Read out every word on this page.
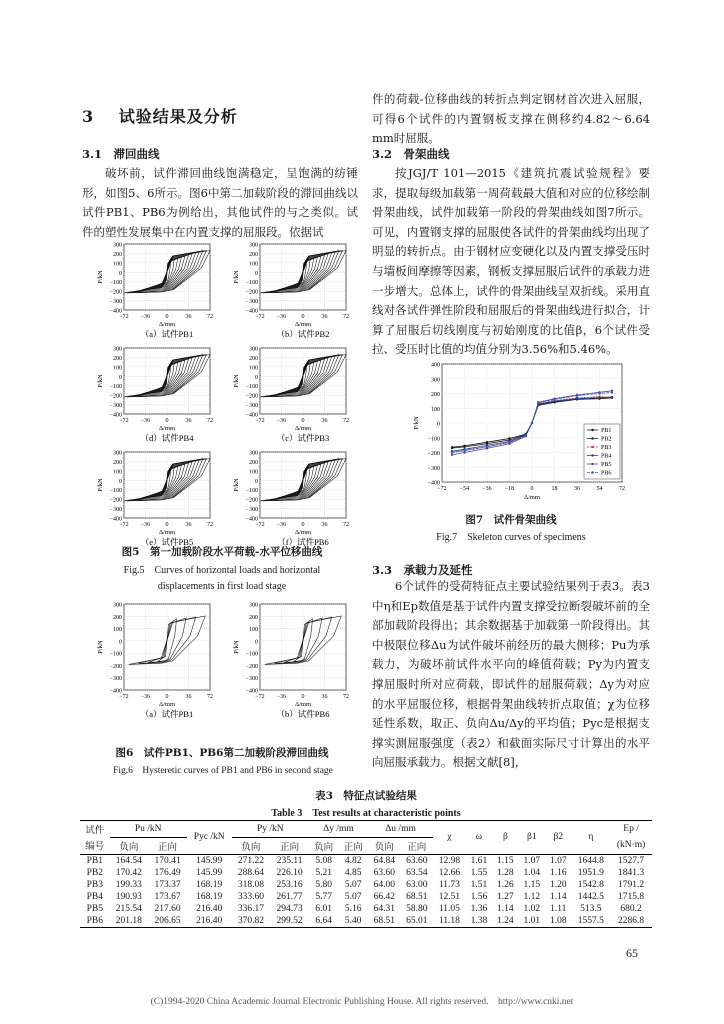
3 试验结果及分析
3.1　滞回曲线
破坏前，试件滞回曲线饱满稳定，呈饱满的纺锤形，如图5、6所示。图6中第二加载阶段的滞回曲线以试件PB1、PB6为例给出，其他试件的与之类似。试件的塑性发展集中在内置支撑的屈服段。依据试
300
200
100
0
−100
−200
−300
−400
−72 −36	0	36	72
P/kN
Δ/mm
（a）试件PB1
300
200
100
0
−100
−200
−300
−400
−72 −36	0	36	72
P/kN
Δ/mm
（b）试件PB2
300
200
100
0
−100
−200
−300
−400
−72 −36	0	36	72
P/kN
Δ/mm
（d）试件PB4
300
200
100
0
−100
−200
−300
−400
−72 −36	0	36	72
P/kN
Δ/mm
（c）试件PB3
300
200
100
0
−100
−200
−300
−400
−72 −36	0	36	72
P/kN
Δ/mm
（e）试件PB5
300
200
100
0
−100
−200
−300
−400
−72 −36	0	36	72
P/kN
Δ/mm
（f）试件PB6
图5　第一加载阶段水平荷载-水平位移曲线
Fig.5　Curves of horizontal loads and horizontal
displacements in first load stage
300
200
100
0
−100
−200
−300
−400
−72 −36	0	36	72
P/kN
Δ/mm
（a）试件PB1
300
200
100
0
−100
−200
−300
−400
−72 −36	0	36	72
P/kN
Δ/mm
（b）试件PB6
图6　试件PB1、PB6第二加载阶段滞回曲线
Fig.6　Hysteretic curves of PB1 and PB6 in second stage
件的荷载-位移曲线的转折点判定钢材首次进入屈服，可得6个试件的内置钢板支撑在侧移约4.82～6.64 mm时屈服。
3.2　骨架曲线
按JGJ/T 101—2015《建筑抗震试验规程》要求，提取每级加载第一周荷载最大值和对应的位移绘制骨架曲线，试件加载第一阶段的骨架曲线如图7所示。可见，内置钢支撑的屈服使各试件的骨架曲线均出现了明显的转折点。由于钢材应变硬化以及内置支撑受压时与墙板间摩擦等因素，钢板支撑屈服后试件的承载力进一步增大。总体上，试件的骨架曲线呈双折线。采用直线对各试件弹性阶段和屈服后的骨架曲线进行拟合，计算了屈服后切线刚度与初始刚度的比值β，6个试件受拉、受压时比值的均值分别为3.56%和5.46%。
400
300
200
100
0
−100
−200
−300
−400
−72 −54 −36 −18	0	18	36	54	72
P/kN
Δ/mm
PB1
PB2
PB3
PB4
PB5
PB6
图7　试件骨架曲线
Fig.7　Skeleton curves of specimens
3.3　承载力及延性
6个试件的受荷特征点主要试验结果列于表3。表3中η和Ep数值是基于试件内置支撑受拉断裂破坏前的全部加载阶段得出；其余数据基于加载第一阶段得出。其中极限位移Δu为试件破坏前经历的最大侧移；Pu为承载力，为破坏前试件水平向的峰值荷载；Py为内置支撑屈服时所对应荷载，即试件的屈服荷载；Δy为对应的水平屈服位移，根据骨架曲线转折点取值；χ为位移延性系数，取正、负向Δu/Δy的平均值；Pyc是根据支撑实测屈服强度（表2）和截面实际尺寸计算出的水平向屈服承载力。根据文献[8]，
表3　特征点试验结果
Table 3　Test results at characteristic points
试件	Pu /kN		Pyc /kN	Py /kN		Δy /mm		Δu /mm		χ	ω	β	β1	β2	η	Ep /
编号	负向	正向		负向	正向	负向	正向	负向	正向							(kN·m)
PB1	164.54	170.41	145.99	271.22	235.11	5.08	4.82	64.84	63.60	12.98	1.61	1.15	1.07	1.07	1644.8	1527.7
PB2	170.42	176.49	145.99	288.64	226.10	5.21	4.85	63.60	63.54	12.66	1.55	1.28	1.04	1.16	1951.9	1841.3
PB3	199.33	173.37	168.19	318.08	253.16	5.80	5.07	64.00	63.00	11.73	1.51	1.26	1.15	1.20	1542.8	1791.2
PB4	190.93	173.67	168.19	333.60	261.77	5.77	5.07	66.42	68.51	12.51	1.56	1.27	1.12	1.14	1442.5	1715.8
PB5	215.54	217.60	216.40	336.17	294.73	6.01	5.16	64.31	58.80	11.05	1.36	1.14	1.02	1.11	513.5	680.2
PB6	201.18	206.65	216.40	370.82	299.52	6.64	5.40	68.51	65.01	11.18	1.38	1.24	1.01	1.08	1557.5	2286.8
65
(C)1994-2020 China Academic Journal Electronic Publishing House. All rights reserved.　http://www.cnki.net
